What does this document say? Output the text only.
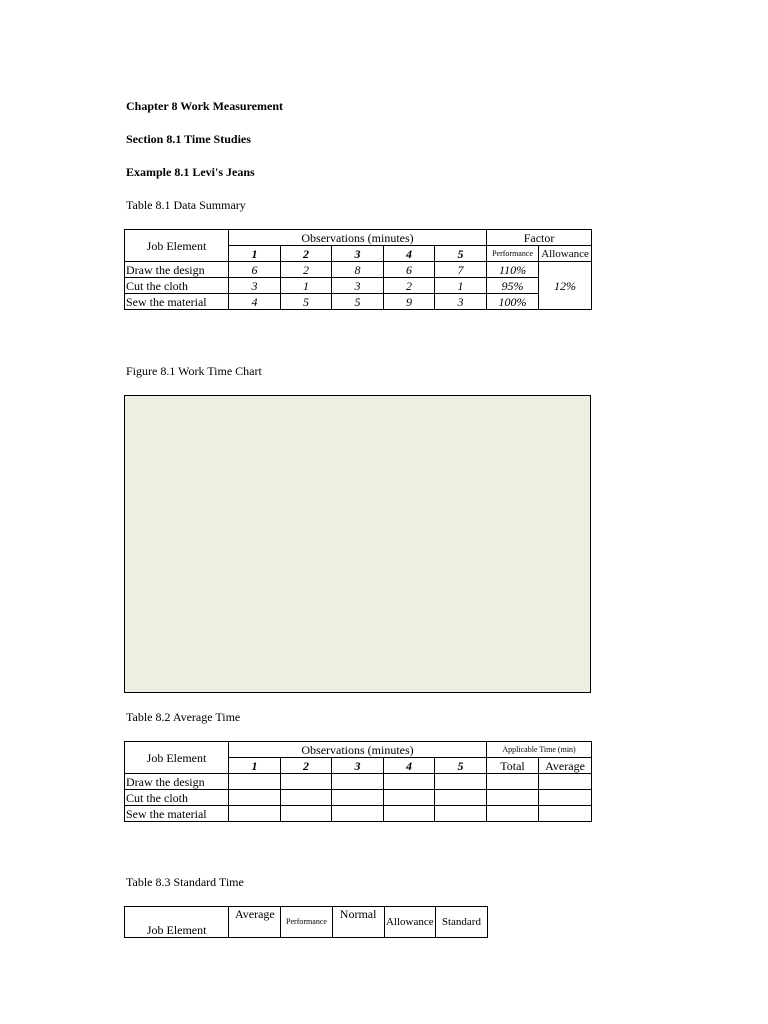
Chapter 8 Work Measurement
Section 8.1 Time Studies
Example 8.1 Levi's Jeans
Table 8.1 Data Summary
Job Element	Observations (minutes)					Factor	
	1	2	3	4	5	Performance	Allowance
Draw the design	6	2	8	6	7	110%	12%
Cut the cloth	3	1	3	2	1	95%	
Sew the material	4	5	5	9	3	100%	
Figure 8.1 Work Time Chart
Table 8.2 Average Time
Job Element	Observations (minutes)					Applicable Time (min)	
	1	2	3	4	5	Total	Average
Draw the design							
Cut the cloth							
Sew the material							
Table 8.3 Standard Time
Job Element	Average	Performance	Normal	Allowance	Standard
